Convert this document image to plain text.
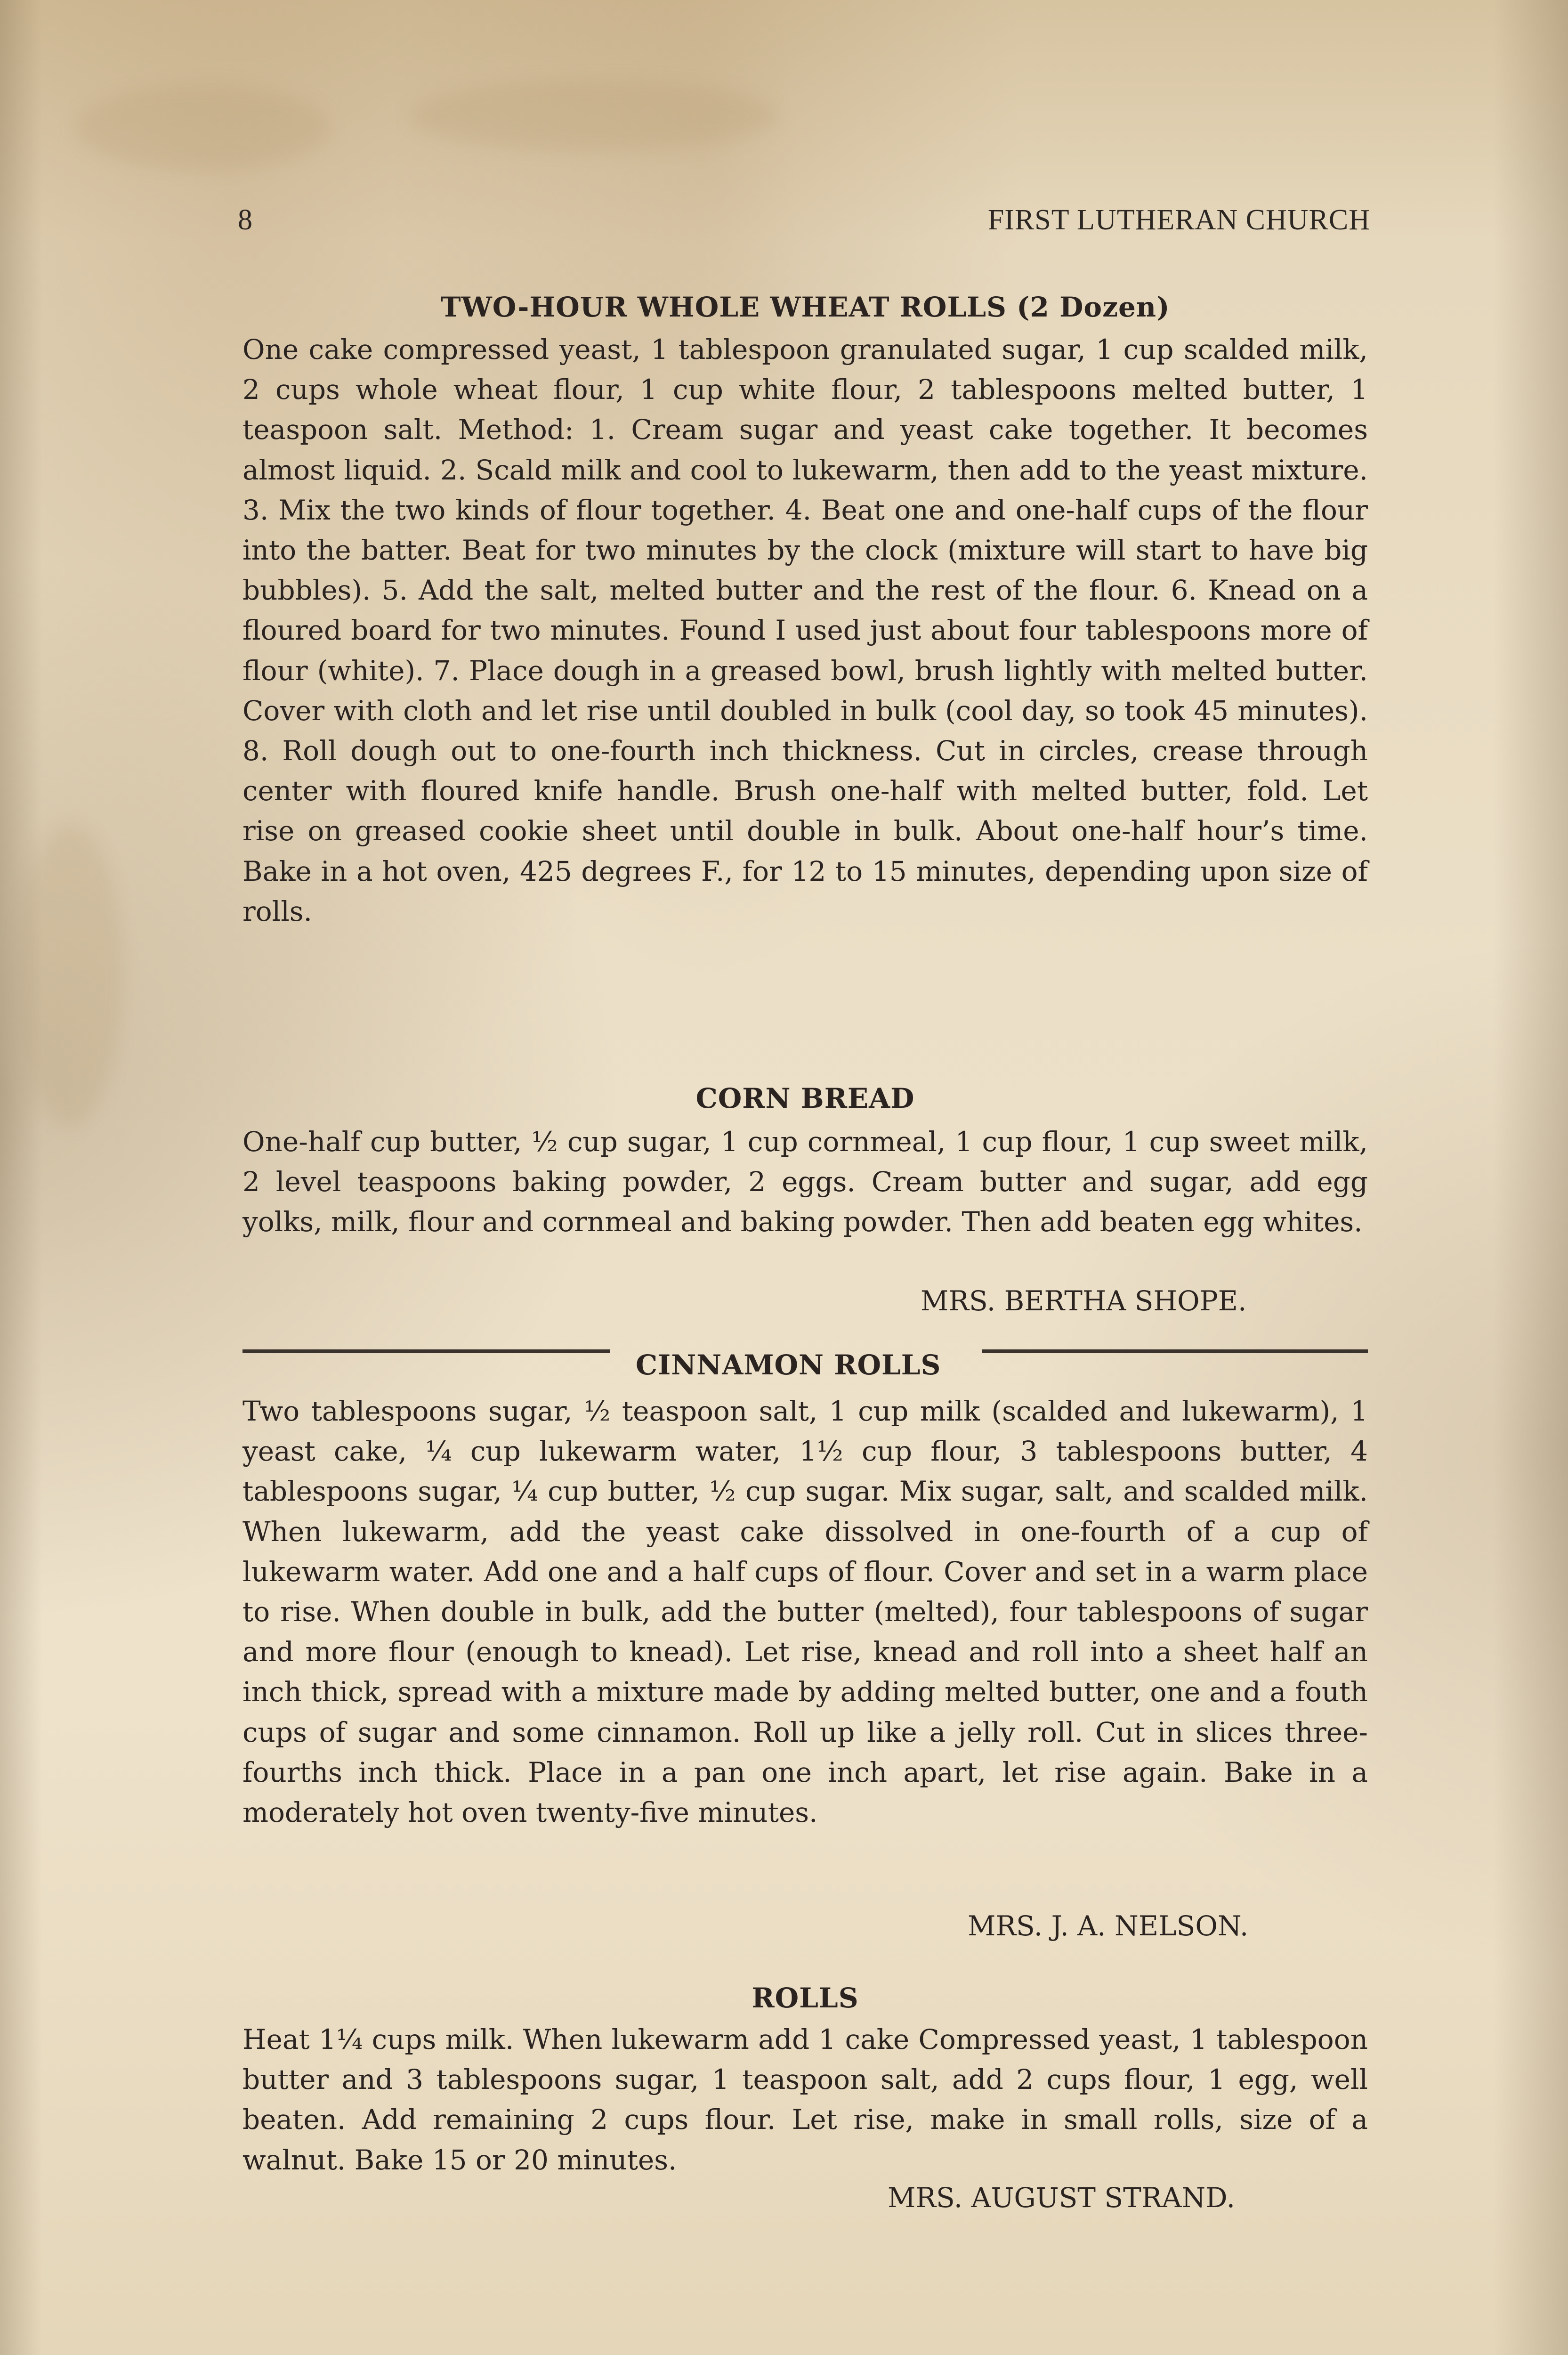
8	FIRST LUTHERAN CHURCH
TWO-HOUR WHOLE WHEAT ROLLS (2 Dozen)
One cake compressed yeast, 1 tablespoon granulated sugar, 1 cup scalded milk, 2 cups whole wheat flour, 1 cup white flour, 2 tablespoons melted butter, 1 teaspoon salt. Method: 1. Cream sugar and yeast cake together. It becomes almost liquid. 2. Scald milk and cool to lukewarm, then add to the yeast mixture. 3. Mix the two kinds of flour together. 4. Beat one and one-half cups of the flour into the batter. Beat for two minutes by the clock (mixture will start to have big bubbles). 5. Add the salt, melted butter and the rest of the flour. 6. Knead on a floured board for two minutes. Found I used just about four tablespoons more of flour (white). 7. Place dough in a greased bowl, brush lightly with melted butter. Cover with cloth and let rise until doubled in bulk (cool day, so took 45 minutes). 8. Roll dough out to one-fourth inch thickness. Cut in circles, crease through center with floured knife handle. Brush one-half with melted butter, fold. Let rise on greased cookie sheet until double in bulk. About one-half hour’s time. Bake in a hot oven, 425 degrees F., for 12 to 15 minutes, depending upon size of rolls.
CORN BREAD
One-half cup butter, ½ cup sugar, 1 cup cornmeal, 1 cup flour, 1 cup sweet milk, 2 level teaspoons baking powder, 2 eggs. Cream butter and sugar, add egg yolks, milk, flour and cornmeal and baking powder. Then add beaten egg whites.
MRS. BERTHA SHOPE.
CINNAMON ROLLS
Two tablespoons sugar, ½ teaspoon salt, 1 cup milk (scalded and lukewarm), 1 yeast cake, ¼ cup lukewarm water, 1½ cup flour, 3 tablespoons butter, 4 tablespoons sugar, ¼ cup butter, ½ cup sugar. Mix sugar, salt, and scalded milk. When lukewarm, add the yeast cake dissolved in one-fourth of a cup of lukewarm water. Add one and a half cups of flour. Cover and set in a warm place to rise. When double in bulk, add the butter (melted), four tablespoons of sugar and more flour (enough to knead). Let rise, knead and roll into a sheet half an inch thick, spread with a mixture made by adding melted butter, one and a fouth cups of sugar and some cinnamon. Roll up like a jelly roll. Cut in slices three-fourths inch thick. Place in a pan one inch apart, let rise again. Bake in a moderately hot oven twenty-five minutes.
MRS. J. A. NELSON.
ROLLS
Heat 1¼ cups milk. When lukewarm add 1 cake Compressed yeast, 1 tablespoon butter and 3 tablespoons sugar, 1 teaspoon salt, add 2 cups flour, 1 egg, well beaten. Add remaining 2 cups flour. Let rise, make in small rolls, size of a walnut. Bake 15 or 20 minutes.
MRS. AUGUST STRAND.
